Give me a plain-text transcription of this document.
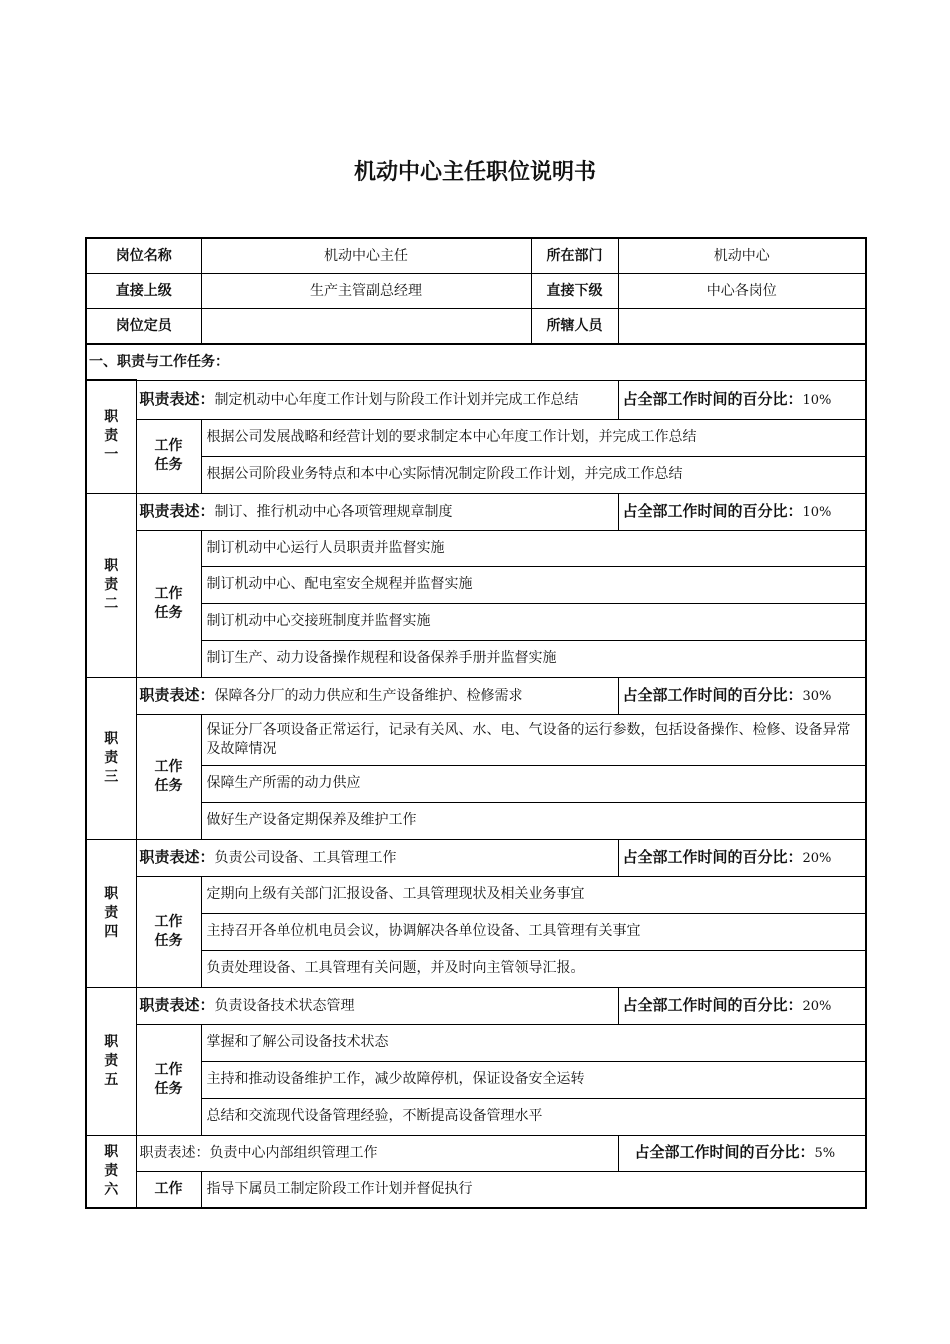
机动中心主任职位说明书
岗位名称		机动中心主任	所在部门	机动中心
直接上级		生产主管副总经理	直接下级	中心各岗位
岗位定员			所辖人员	
一、职责与工作任务：				

职
责
一	职责表述：制定机动中心年度工作计划与阶段工作计划并完成工作总结			占全部工作时间的百分比：10%

	工作
任务	根据公司发展战略和经营计划的要求制定本中心年度工作计划，并完成工作总结		
		根据公司阶段业务特点和本中心实际情况制定阶段工作计划，并完成工作总结		

职
责
二	职责表述：制订、推行机动中心各项管理规章制度			占全部工作时间的百分比：10%

	工作
任务	制订机动中心运行人员职责并监督实施		
		制订机动中心、配电室安全规程并监督实施		
		制订机动中心交接班制度并监督实施		
		制订生产、动力设备操作规程和设备保养手册并监督实施		

职
责
三	职责表述：保障各分厂的动力供应和生产设备维护、检修需求			占全部工作时间的百分比：30%

	工作
任务	保证分厂各项设备正常运行，记录有关风、水、电、气设备的运行参数，包括设备操作、检修、设备异常及故障情况		
		保障生产所需的动力供应		
		做好生产设备定期保养及维护工作		

职
责
四	职责表述：负责公司设备、工具管理工作			占全部工作时间的百分比：20%

	工作
任务	定期向上级有关部门汇报设备、工具管理现状及相关业务事宜		
		主持召开各单位机电员会议，协调解决各单位设备、工具管理有关事宜		
		负责处理设备、工具管理有关问题，并及时向主管领导汇报。		

职
责
五	职责表述：负责设备技术状态管理			占全部工作时间的百分比：20%

	工作
任务	掌握和了解公司设备技术状态		
		主持和推动设备维护工作，减少故障停机，保证设备安全运转		
		总结和交流现代设备管理经验，不断提高设备管理水平		

职
责
六	职责表述：负责中心内部组织管理工作			占全部工作时间的百分比：5%

	工作	指导下属员工制定阶段工作计划并督促执行		
